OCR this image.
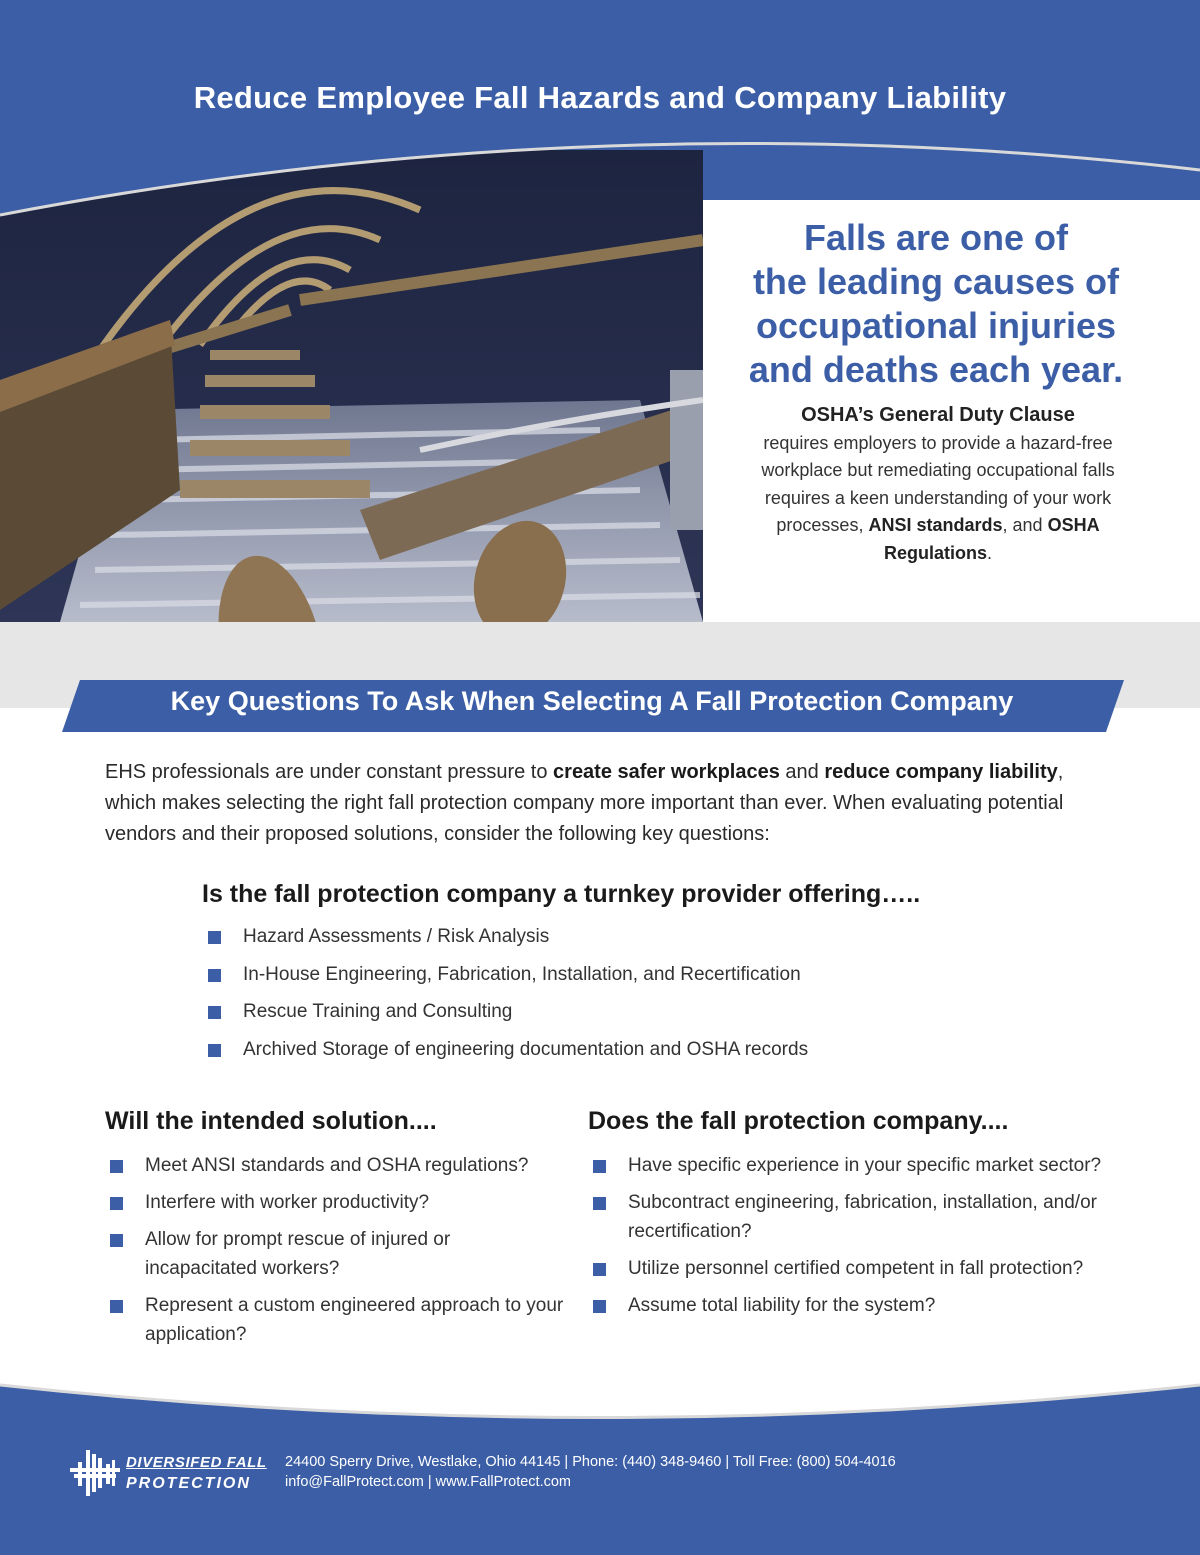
Reduce Employee Fall Hazards and Company Liability
Falls are one of
the leading causes of
occupational injuries
and deaths each year.
OSHA’s General Duty Clause
requires employers to provide a hazard-free workplace but remediating occupational falls requires a keen understanding of your work processes, ANSI standards, and OSHA Regulations.
Key Questions To Ask When Selecting A Fall Protection Company
EHS professionals are under constant pressure to create safer workplaces and reduce company liability, which makes selecting the right fall protection company more important than ever. When evaluating potential vendors and their proposed solutions, consider the following key questions:
Is the fall protection company a turnkey provider offering…..
Hazard Assessments / Risk Analysis
In-House Engineering, Fabrication, Installation, and Recertification
Rescue Training and Consulting
Archived Storage of engineering documentation and OSHA records
Will the intended solution....
Meet ANSI standards and OSHA regulations?
Interfere with worker productivity?
Allow for prompt rescue of injured or incapacitated workers?
Represent a custom engineered approach to your application?
Does the fall protection company....
Have specific experience in your specific market sector?
Subcontract engineering, fabrication, installation, and/or recertification?
Utilize personnel certified competent in fall protection?
Assume total liability for the system?
DIVERSIFED FALL
PROTECTION
24400 Sperry Drive, Westlake, Ohio 44145 | Phone: (440) 348-9460 | Toll Free: (800) 504-4016
info@FallProtect.com | www.FallProtect.com
